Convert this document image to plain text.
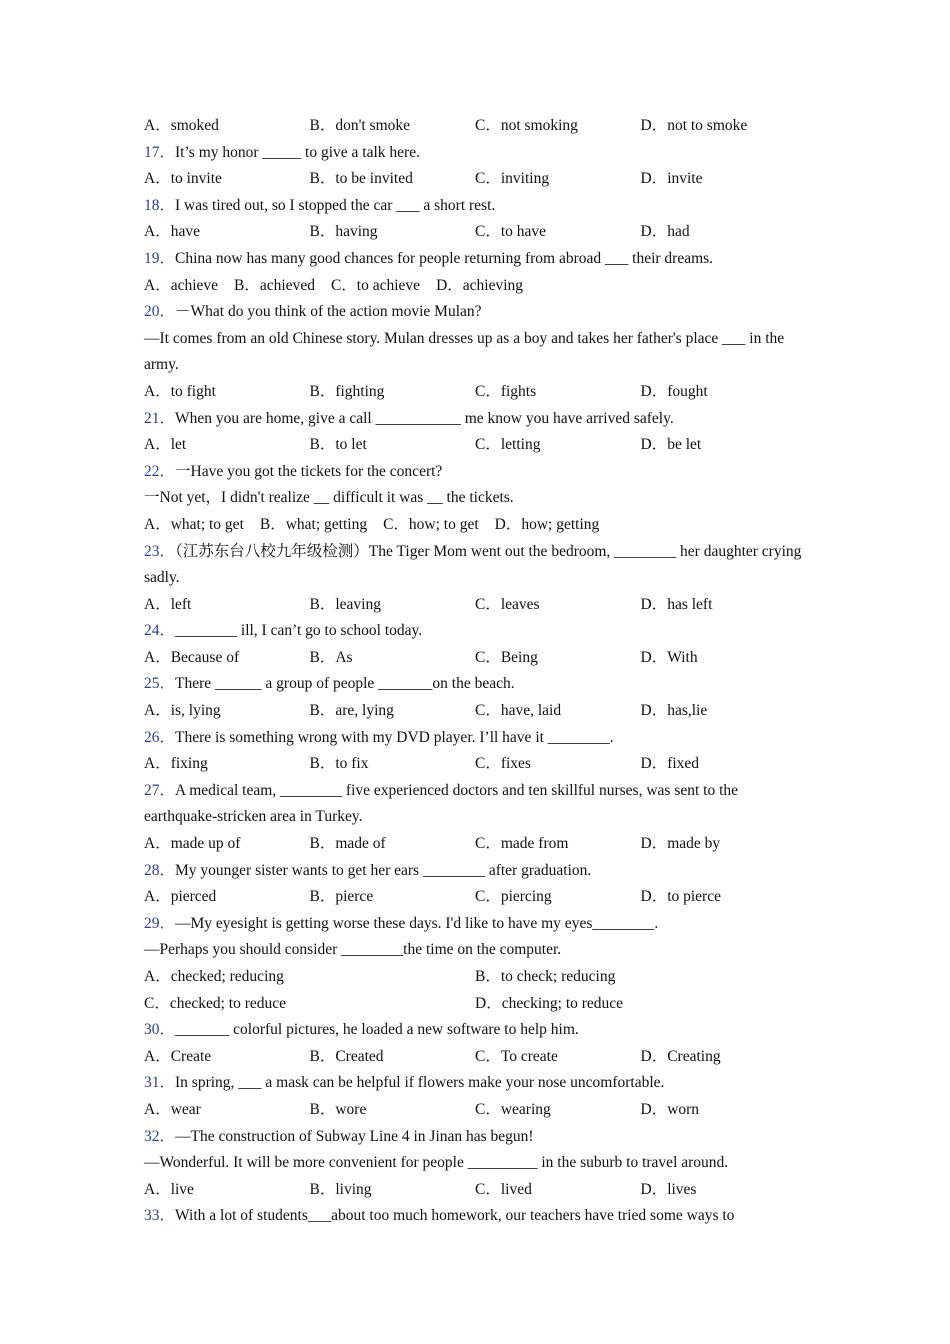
A．smoked	B．don't smoke	C．not smoking	D．not to smoke
17．It’s my honor _____ to give a talk here.
A．to invite	B．to be invited	C．inviting	D．invite
18．I was tired out, so I stopped the car ___ a short rest.
A．have	B．having	C．to have	D．had
19．China now has many good chances for people returning from abroad ___ their dreams.
A．achieve B．achieved C．to achieve D．achieving
20．－What do you think of the action movie Mulan?
—It comes from an old Chinese story. Mulan dresses up as a boy and takes her father's place ___ in the army.
A．to fight	B．fighting	C．fights	D．fought
21．When you are home, give a call ___________ me know you have arrived safely.
A．let	B．to let	C．letting	D．be let
22．一Have you got the tickets for the concert?
一Not yet，I didn't realize __ difficult it was __ the tickets.
A．what; to get B．what; getting C．how; to get D．how; getting
23．（江苏东台八校九年级检测）The Tiger Mom went out the bedroom, ________ her daughter crying sadly.
A．left	B．leaving	C．leaves	D．has left
24．________ ill, I can’t go to school today.
A．Because of	B．As	C．Being	D．With
25．There ______ a group of people _______on the beach.
A．is, lying	B．are, lying	C．have, laid	D．has,lie
26．There is something wrong with my DVD player. I’ll have it ________.
A．fixing	B．to fix	C．fixes	D．fixed
27．A medical team, ________ five experienced doctors and ten skillful nurses, was sent to the earthquake-stricken area in Turkey.
A．made up of	B．made of	C．made from	D．made by
28．My younger sister wants to get her ears ________ after graduation.
A．pierced	B．pierce	C．piercing	D．to pierce
29．—My eyesight is getting worse these days. I'd like to have my eyes________.
—Perhaps you should consider ________the time on the computer.
A．checked; reducing	B．to check; reducing
C．checked; to reduce	D．checking; to reduce
30．_______ colorful pictures, he loaded a new software to help him.
A．Create	B．Created	C．To create	D．Creating
31．In spring, ___ a mask can be helpful if flowers make your nose uncomfortable.
A．wear	B．wore	C．wearing	D．worn
32．—The construction of Subway Line 4 in Jinan has begun!
—Wonderful. It will be more convenient for people _________ in the suburb to travel around.
A．live	B．living	C．lived	D．lives
33．With a lot of students___about too much homework, our teachers have tried some ways to
